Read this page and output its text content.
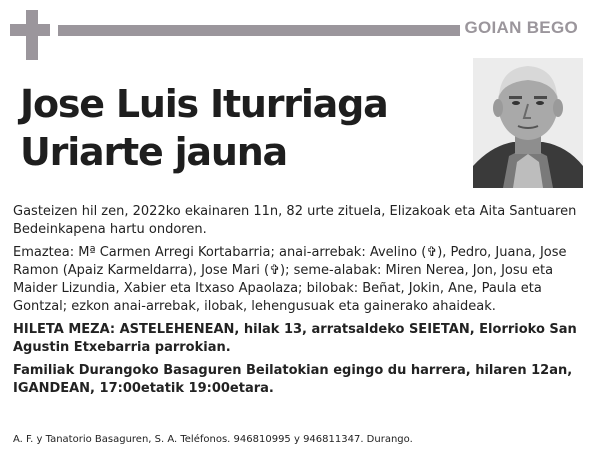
GOIAN BEGO
Jose Luis Iturriaga
Uriarte jauna

Gasteizen hil zen, 2022ko ekainaren 11n, 82 urte zituela, Elizakoak eta Aita Santuaren Bedeinkapena hartu ondoren.

Emaztea: Mª Carmen Arregi Kortabarria; anai-arrebak: Avelino (✞), Pedro, Juana, Jose Ramon (Apaiz Karmeldarra), Jose Mari (✞); seme-alabak: Miren Nerea, Jon, Josu eta Maider Lizundia, Xabier eta Itxaso Apaolaza; bilobak: Beñat, Jokin, Ane, Paula eta Gontzal; ezkon anai-arrebak, ilobak, lehengusuak eta gainerako ahaideak.

HILETA MEZA: ASTELEHENEAN, hilak 13, arratsaldeko SEIETAN, Elorrioko San Agustin Etxebarria parrokian.

Familiak Durangoko Basaguren Beilatokian egingo du harrera, hilaren 12an, IGANDEAN, 17:00etatik 19:00etara.

A. F. y Tanatorio Basaguren, S. A. Teléfonos. 946810995 y 946811347. Durango.
